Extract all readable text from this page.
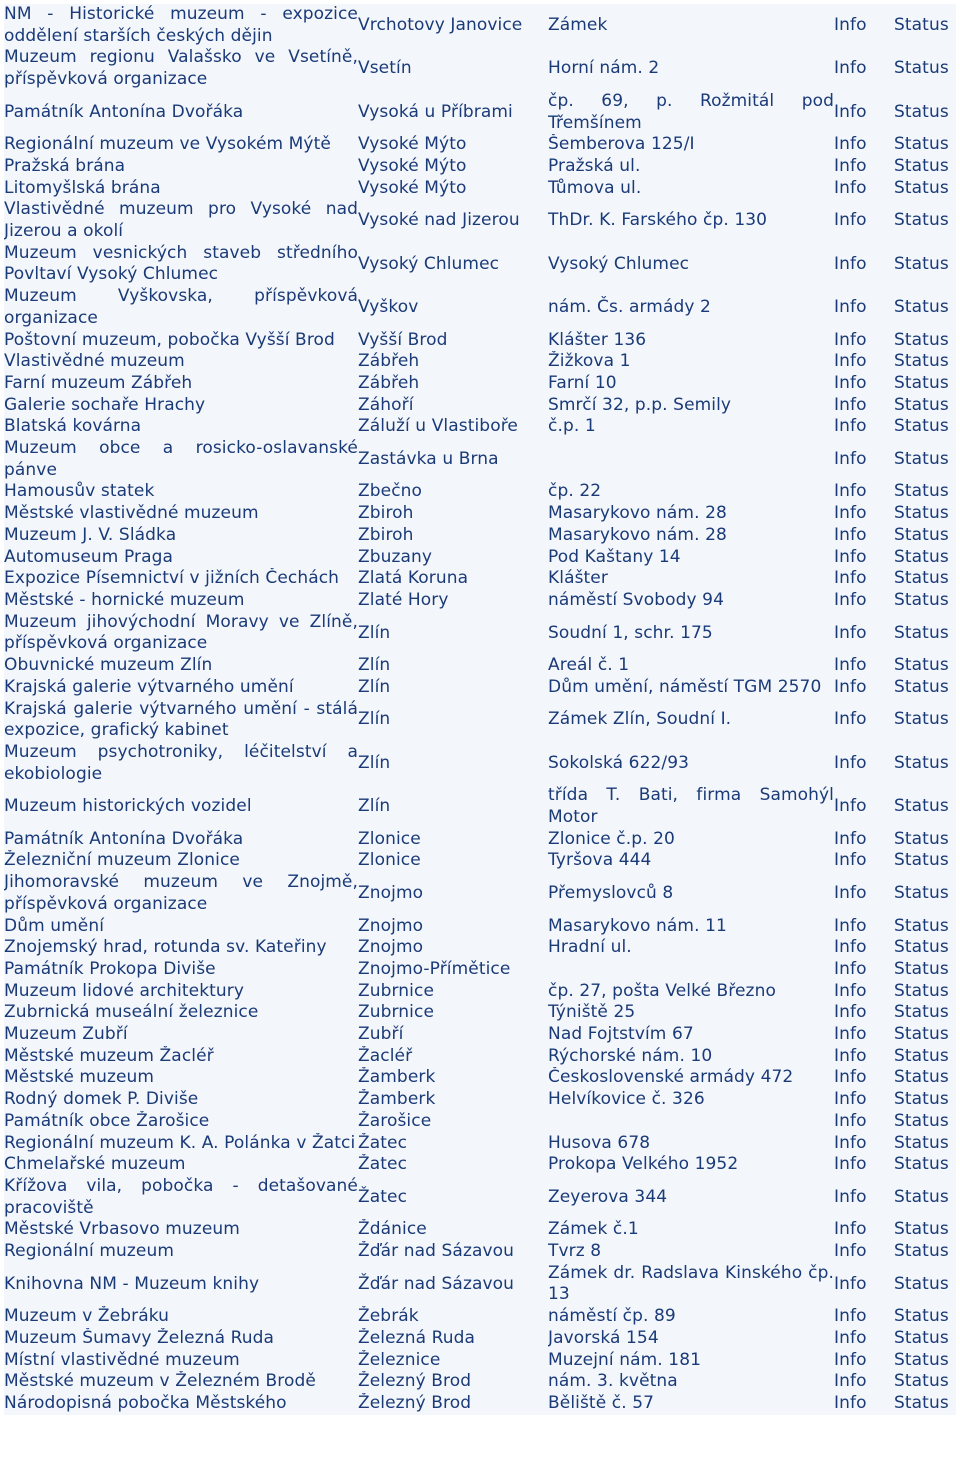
NM - Historické muzeum - expozice oddělení starších českých dějin	Vrchotovy Janovice	Zámek	Info	Status
Muzeum regionu Valašsko ve Vsetíně, příspěvková organizace	Vsetín	Horní nám. 2	Info	Status
Památník Antonína Dvořáka	Vysoká u Příbrami	čp. 69, p. Rožmitál pod Třemšínem	Info	Status
Regionální muzeum ve Vysokém Mýtě	Vysoké Mýto	Šemberova 125/I	Info	Status
Pražská brána	Vysoké Mýto	Pražská ul.	Info	Status
Litomyšlská brána	Vysoké Mýto	Tůmova ul.	Info	Status
Vlastivědné muzeum pro Vysoké nad Jizerou a okolí	Vysoké nad Jizerou	ThDr. K. Farského čp. 130	Info	Status
Muzeum vesnických staveb středního Povltaví Vysoký Chlumec	Vysoký Chlumec	Vysoký Chlumec	Info	Status
Muzeum Vyškovska, příspěvková organizace	Vyškov	nám. Čs. armády 2	Info	Status
Poštovní muzeum, pobočka Vyšší Brod	Vyšší Brod	Klášter 136	Info	Status
Vlastivědné muzeum	Zábřeh	Žižkova 1	Info	Status
Farní muzeum Zábřeh	Zábřeh	Farní 10	Info	Status
Galerie sochaře Hrachy	Záhoří	Smrčí 32, p.p. Semily	Info	Status
Blatská kovárna	Záluží u Vlastiboře	č.p. 1	Info	Status
Muzeum obce a rosicko-oslavanské pánve	Zastávka u Brna		Info	Status
Hamousův statek	Zbečno	čp. 22	Info	Status
Městské vlastivědné muzeum	Zbiroh	Masarykovo nám. 28	Info	Status
Muzeum J. V. Sládka	Zbiroh	Masarykovo nám. 28	Info	Status
Automuseum Praga	Zbuzany	Pod Kaštany 14	Info	Status
Expozice Písemnictví v jižních Čechách	Zlatá Koruna	Klášter	Info	Status
Městské - hornické muzeum	Zlaté Hory	náměstí Svobody 94	Info	Status
Muzeum jihovýchodní Moravy ve Zlíně, příspěvková organizace	Zlín	Soudní 1, schr. 175	Info	Status
Obuvnické muzeum Zlín	Zlín	Areál č. 1	Info	Status
Krajská galerie výtvarného umění	Zlín	Dům umění, náměstí TGM 2570	Info	Status
Krajská galerie výtvarného umění - stálá expozice, grafický kabinet	Zlín	Zámek Zlín, Soudní I.	Info	Status
Muzeum psychotroniky, léčitelství a ekobiologie	Zlín	Sokolská 622/93	Info	Status
Muzeum historických vozidel	Zlín	třída T. Bati, firma Samohýl Motor	Info	Status
Památník Antonína Dvořáka	Zlonice	Zlonice č.p. 20	Info	Status
Železniční muzeum Zlonice	Zlonice	Tyršova 444	Info	Status
Jihomoravské muzeum ve Znojmě, příspěvková organizace	Znojmo	Přemyslovců 8	Info	Status
Dům umění	Znojmo	Masarykovo nám. 11	Info	Status
Znojemský hrad, rotunda sv. Kateřiny	Znojmo	Hradní ul.	Info	Status
Památník Prokopa Diviše	Znojmo-Přímětice		Info	Status
Muzeum lidové architektury	Zubrnice	čp. 27, pošta Velké Březno	Info	Status
Zubrnická museální železnice	Zubrnice	Týniště 25	Info	Status
Muzeum Zubří	Zubří	Nad Fojtstvím 67	Info	Status
Městské muzeum Žacléř	Žacléř	Rýchorské nám. 10	Info	Status
Městské muzeum	Žamberk	Československé armády 472	Info	Status
Rodný domek P. Diviše	Žamberk	Helvíkovice č. 326	Info	Status
Památník obce Žarošice	Žarošice		Info	Status
Regionální muzeum K. A. Polánka v Žatci	Žatec	Husova 678	Info	Status
Chmelařské muzeum	Žatec	Prokopa Velkého 1952	Info	Status
Křížova vila, pobočka - detašované pracoviště	Žatec	Zeyerova 344	Info	Status
Městské Vrbasovo muzeum	Ždánice	Zámek č.1	Info	Status
Regionální muzeum	Žďár nad Sázavou	Tvrz 8	Info	Status
Knihovna NM - Muzeum knihy	Žďár nad Sázavou	Zámek dr. Radslava Kinského čp. 13	Info	Status
Muzeum v Žebráku	Žebrák	náměstí čp. 89	Info	Status
Muzeum Šumavy Železná Ruda	Železná Ruda	Javorská 154	Info	Status
Místní vlastivědné muzeum	Železnice	Muzejní nám. 181	Info	Status
Městské muzeum v Železném Brodě	Železný Brod	nám. 3. května	Info	Status
Národopisná pobočka Městského	Železný Brod	Běliště č. 57	Info	Status
